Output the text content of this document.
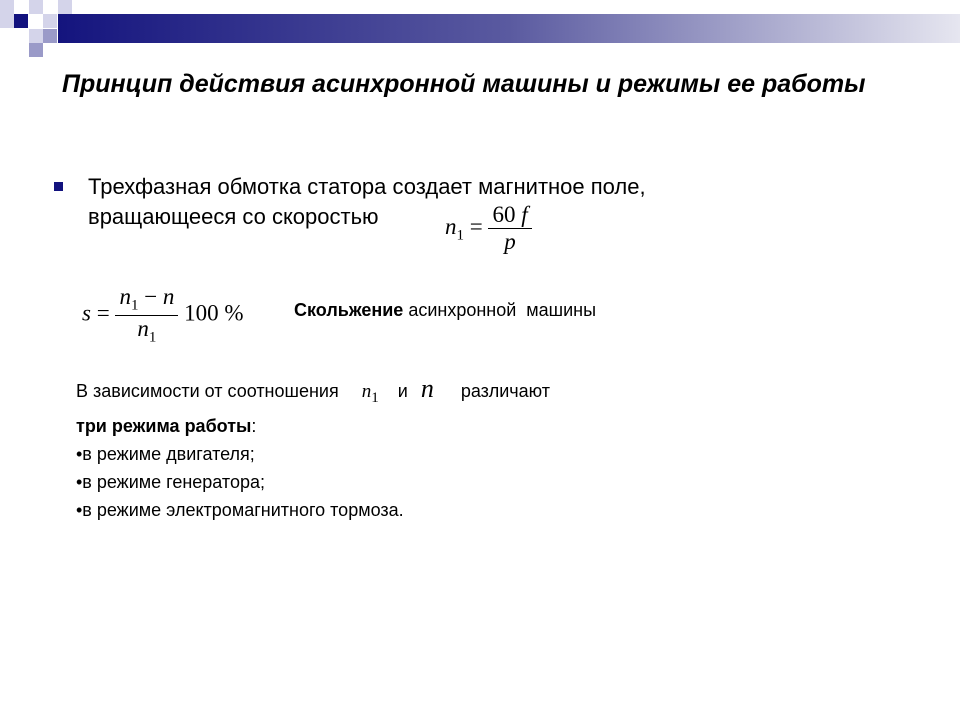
Принцип действия асинхронной машины и режимы ее работы
Трехфазная обмотка статора создает магнитное поле, вращающееся со скоростью	$n_1 = \frac{60 f}{p}$
$s = \frac{n_1 - n}{n_1} 100$ %	Скольжение асинхронной  машины
В зависимости от соотношения $n_1$ и n различают
три режима работы:
•в режиме двигателя;
•в режиме генератора;
•в режиме электромагнитного тормоза.
